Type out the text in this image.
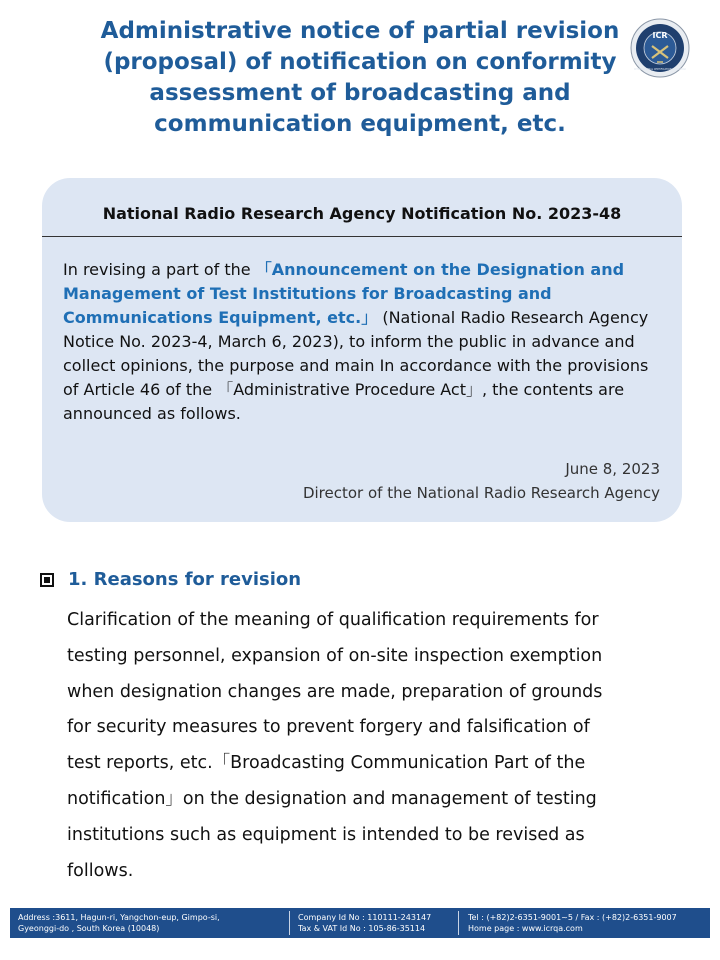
Administrative notice of partial revision
(proposal) of notification on conformity
assessment of broadcasting and
communication equipment, etc.
ICR
INTERNATIONAL CERTIFICATION REGISTRAR
National Radio Research Agency Notification No. 2023-48
In revising a part of the 「Announcement on the Designation and Management of Test Institutions for Broadcasting and Communications Equipment, etc.」 (National Radio Research Agency Notice No. 2023-4, March 6, 2023), to inform the public in advance and collect opinions, the purpose and main In accordance with the provisions of Article 46 of the 「Administrative Procedure Act」, the contents are announced as follows.
June 8, 2023
Director of the National Radio Research Agency
1. Reasons for revision
Clarification of the meaning of qualification requirements for
testing personnel, expansion of on-site inspection exemption
when designation changes are made, preparation of grounds
for security measures to prevent forgery and falsification of
test reports, etc.「Broadcasting Communication Part of the
notification」on the designation and management of testing
institutions such as equipment is intended to be revised as
follows.
Address :3611, Hagun-ri, Yangchon-eup, Gimpo-si,
Gyeonggi-do , South Korea (10048)
Company Id No : 110111-243147
Tax & VAT Id No : 105-86-35114
Tel : (+82)2-6351-9001~5 / Fax : (+82)2-6351-9007
Home page : www.icrqa.com
